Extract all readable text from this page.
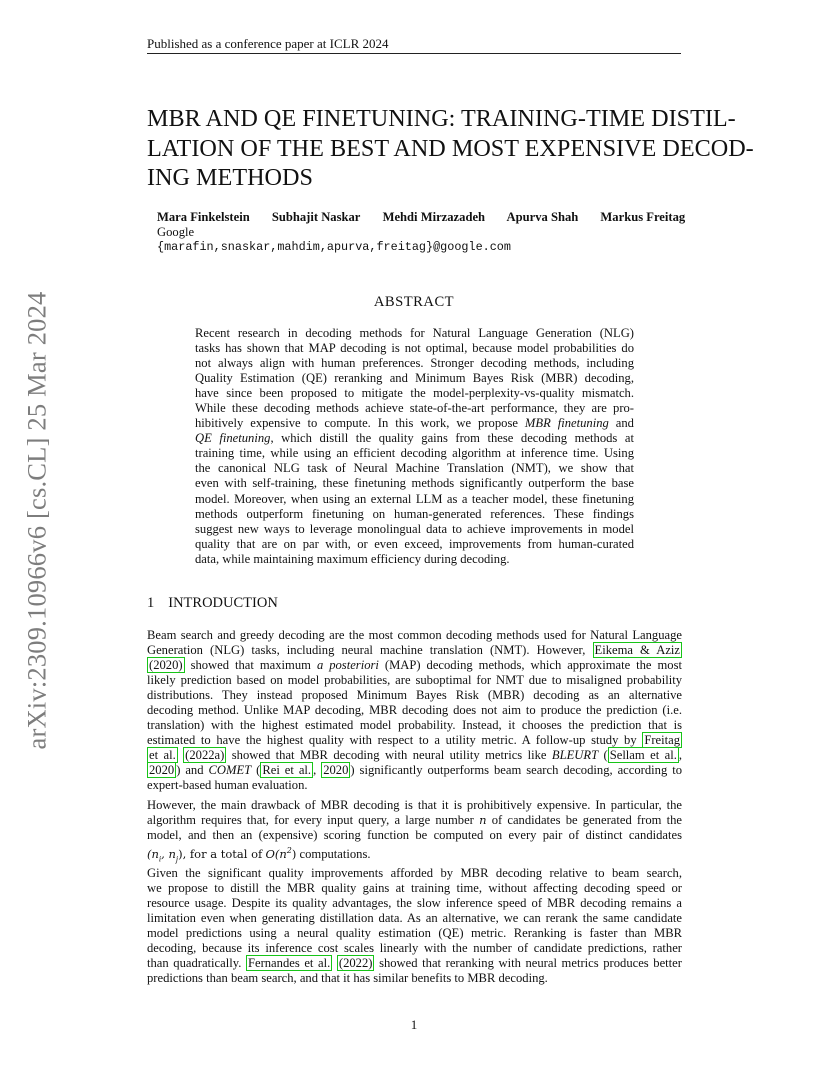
Published as a conference paper at ICLR 2024
arXiv:2309.10966v6 [cs.CL] 25 Mar 2024
MBR AND QE FINETUNING: TRAINING-TIME DISTIL-
LATION OF THE BEST AND MOST EXPENSIVE DECOD-
ING METHODS
Mara Finkelstein Subhajit Naskar Mehdi Mirzazadeh Apurva Shah Markus Freitag
Google
{marafin,snaskar,mahdim,apurva,freitag}@google.com
ABSTRACT
Recent research in decoding methods for Natural Language Generation (NLG)
tasks has shown that MAP decoding is not optimal, because model probabilities do
not always align with human preferences. Stronger decoding methods, including
Quality Estimation (QE) reranking and Minimum Bayes Risk (MBR) decoding,
have since been proposed to mitigate the model-perplexity-vs-quality mismatch.
While these decoding methods achieve state-of-the-art performance, they are pro-
hibitively expensive to compute. In this work, we propose MBR finetuning and
QE finetuning, which distill the quality gains from these decoding methods at
training time, while using an efficient decoding algorithm at inference time. Using
the canonical NLG task of Neural Machine Translation (NMT), we show that
even with self-training, these finetuning methods significantly outperform the base
model. Moreover, when using an external LLM as a teacher model, these finetuning
methods outperform finetuning on human-generated references. These findings
suggest new ways to leverage monolingual data to achieve improvements in model
quality that are on par with, or even exceed, improvements from human-curated
data, while maintaining maximum efficiency during decoding.
1 INTRODUCTION
Beam search and greedy decoding are the most common decoding methods used for Natural Language
Generation (NLG) tasks, including neural machine translation (NMT). However, Eikema & Aziz
(2020) showed that maximum a posteriori (MAP) decoding methods, which approximate the most
likely prediction based on model probabilities, are suboptimal for NMT due to misaligned probability
distributions. They instead proposed Minimum Bayes Risk (MBR) decoding as an alternative
decoding method. Unlike MAP decoding, MBR decoding does not aim to produce the prediction (i.e.
translation) with the highest estimated model probability. Instead, it chooses the prediction that is
estimated to have the highest quality with respect to a utility metric. A follow-up study by Freitag
et al. (2022a) showed that MBR decoding with neural utility metrics like BLEURT ( Sellam et al. ,
2020 ) and COMET ( Rei et al. , 2020 ) significantly outperforms beam search decoding, according to
expert-based human evaluation.
However, the main drawback of MBR decoding is that it is prohibitively expensive. In particular, the
algorithm requires that, for every input query, a large number n of candidates be generated from the
model, and then an (expensive) scoring function be computed on every pair of distinct candidates
($n_i$, $n_j$), for a total of $O(n^2)$ computations.
Given the significant quality improvements afforded by MBR decoding relative to beam search,
we propose to distill the MBR quality gains at training time, without affecting decoding speed or
resource usage. Despite its quality advantages, the slow inference speed of MBR decoding remains a
limitation even when generating distillation data. As an alternative, we can rerank the same candidate
model predictions using a neural quality estimation (QE) metric. Reranking is faster than MBR
decoding, because its inference cost scales linearly with the number of candidate predictions, rather
than quadratically. Fernandes et al. (2022) showed that reranking with neural metrics produces better
predictions than beam search, and that it has similar benefits to MBR decoding.
1
